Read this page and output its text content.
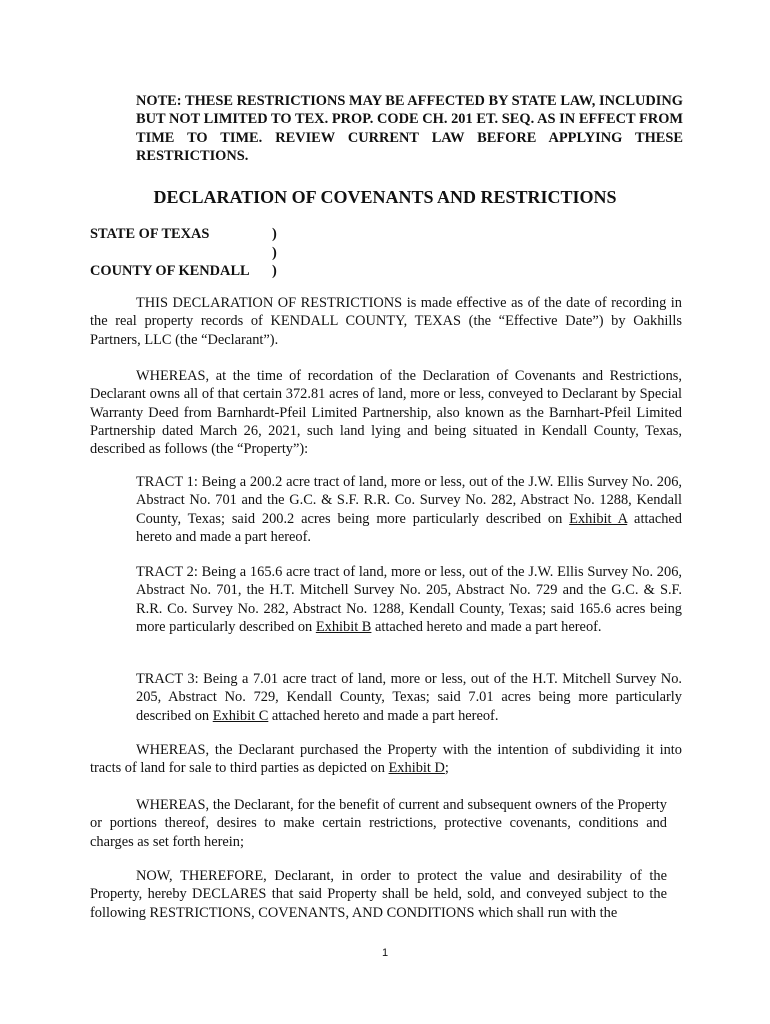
NOTE: THESE RESTRICTIONS MAY BE AFFECTED BY STATE LAW, INCLUDING BUT NOT LIMITED TO TEX. PROP. CODE CH. 201 ET. SEQ. AS IN EFFECT FROM TIME TO TIME. REVIEW CURRENT LAW BEFORE APPLYING THESE RESTRICTIONS.
DECLARATION OF COVENANTS AND RESTRICTIONS
STATE OF TEXAS	)
)
COUNTY OF KENDALL )
THIS DECLARATION OF RESTRICTIONS is made effective as of the date of recording in the real property records of KENDALL COUNTY, TEXAS (the “Effective Date”) by Oakhills Partners, LLC (the “Declarant”).
WHEREAS, at the time of recordation of the Declaration of Covenants and Restrictions, Declarant owns all of that certain 372.81 acres of land, more or less, conveyed to Declarant by Special Warranty Deed from Barnhardt-Pfeil Limited Partnership, also known as the Barnhart-Pfeil Limited Partnership dated March 26, 2021, such land lying and being situated in Kendall County, Texas, described as follows (the “Property”):
TRACT 1: Being a 200.2 acre tract of land, more or less, out of the J.W. Ellis Survey No. 206, Abstract No. 701 and the G.C. & S.F. R.R. Co. Survey No. 282, Abstract No. 1288, Kendall County, Texas; said 200.2 acres being more particularly described on Exhibit A attached hereto and made a part hereof.
TRACT 2: Being a 165.6 acre tract of land, more or less, out of the J.W. Ellis Survey No. 206, Abstract No. 701, the H.T. Mitchell Survey No. 205, Abstract No. 729 and the G.C. & S.F. R.R. Co. Survey No. 282, Abstract No. 1288, Kendall County, Texas; said 165.6 acres being more particularly described on Exhibit B attached hereto and made a part hereof.
TRACT 3: Being a 7.01 acre tract of land, more or less, out of the H.T. Mitchell Survey No. 205, Abstract No. 729, Kendall County, Texas; said 7.01 acres being more particularly described on Exhibit C attached hereto and made a part hereof.
WHEREAS, the Declarant purchased the Property with the intention of subdividing it into tracts of land for sale to third parties as depicted on Exhibit D;
WHEREAS, the Declarant, for the benefit of current and subsequent owners of the Property or portions thereof, desires to make certain restrictions, protective covenants, conditions and charges as set forth herein;
NOW, THEREFORE, Declarant, in order to protect the value and desirability of the Property, hereby DECLARES that said Property shall be held, sold, and conveyed subject to the following RESTRICTIONS, COVENANTS, AND CONDITIONS which shall run with the
1
